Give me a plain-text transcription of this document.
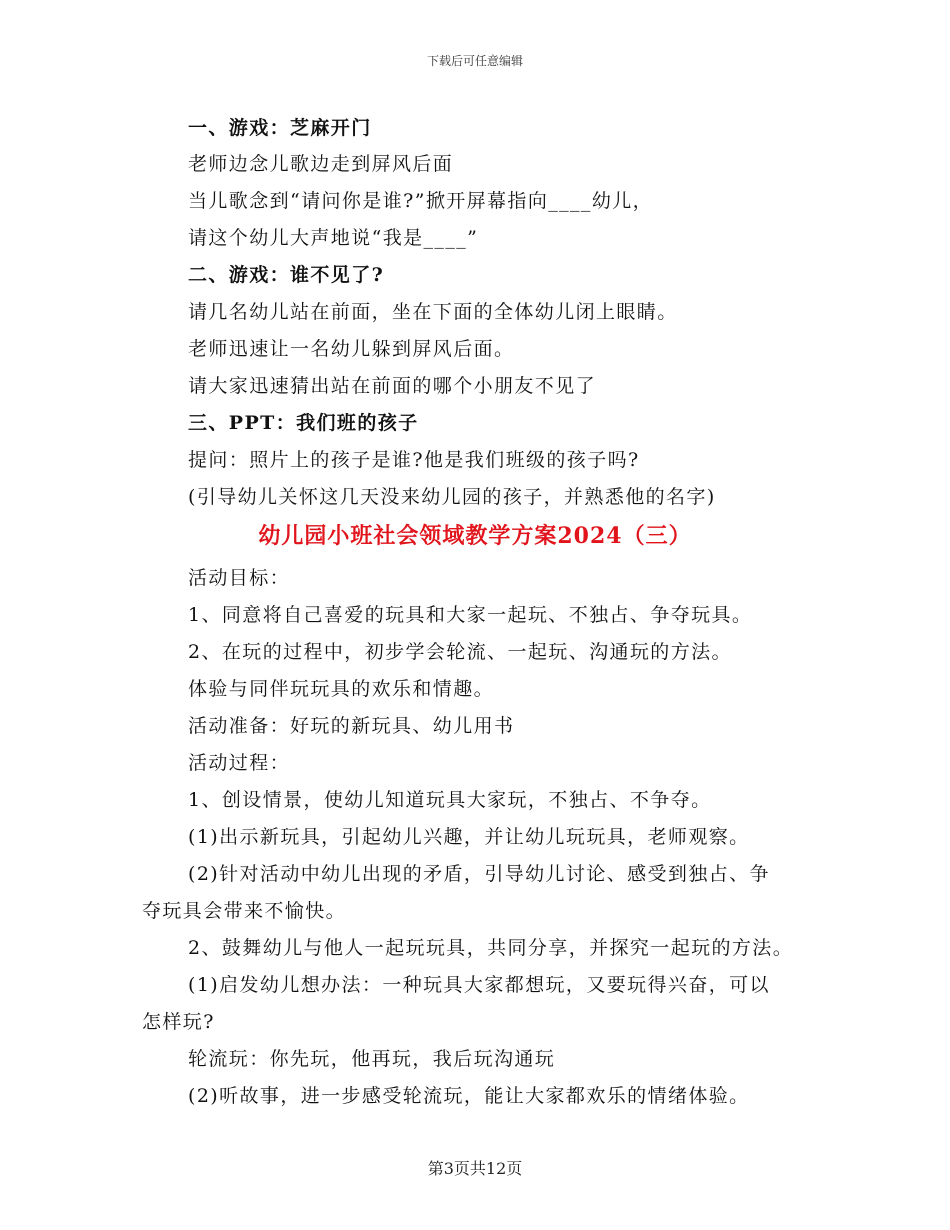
下载后可任意编辑
一、游戏：芝麻开门
老师边念儿歌边走到屏风后面
当儿歌念到“请问你是谁?”掀开屏幕指向____幼儿，
请这个幼儿大声地说“我是____”
二、游戏：谁不见了?
请几名幼儿站在前面，坐在下面的全体幼儿闭上眼睛。
老师迅速让一名幼儿躲到屏风后面。
请大家迅速猜出站在前面的哪个小朋友不见了
三、PPT：我们班的孩子
提问：照片上的孩子是谁?他是我们班级的孩子吗?
(引导幼儿关怀这几天没来幼儿园的孩子，并熟悉他的名字)
幼儿园小班社会领域教学方案2024（三）
活动目标：
1、同意将自己喜爱的玩具和大家一起玩、不独占、争夺玩具。
2、在玩的过程中，初步学会轮流、一起玩、沟通玩的方法。
体验与同伴玩玩具的欢乐和情趣。
活动准备：好玩的新玩具、幼儿用书
活动过程：
1、创设情景，使幼儿知道玩具大家玩，不独占、不争夺。
(1)出示新玩具，引起幼儿兴趣，并让幼儿玩玩具，老师观察。
(2)针对活动中幼儿出现的矛盾，引导幼儿讨论、感受到独占、争
夺玩具会带来不愉快。
2、鼓舞幼儿与他人一起玩玩具，共同分享，并探究一起玩的方法。
(1)启发幼儿想办法：一种玩具大家都想玩，又要玩得兴奋，可以
怎样玩?
轮流玩：你先玩，他再玩，我后玩沟通玩
(2)听故事，进一步感受轮流玩，能让大家都欢乐的情绪体验。
第3页共12页
